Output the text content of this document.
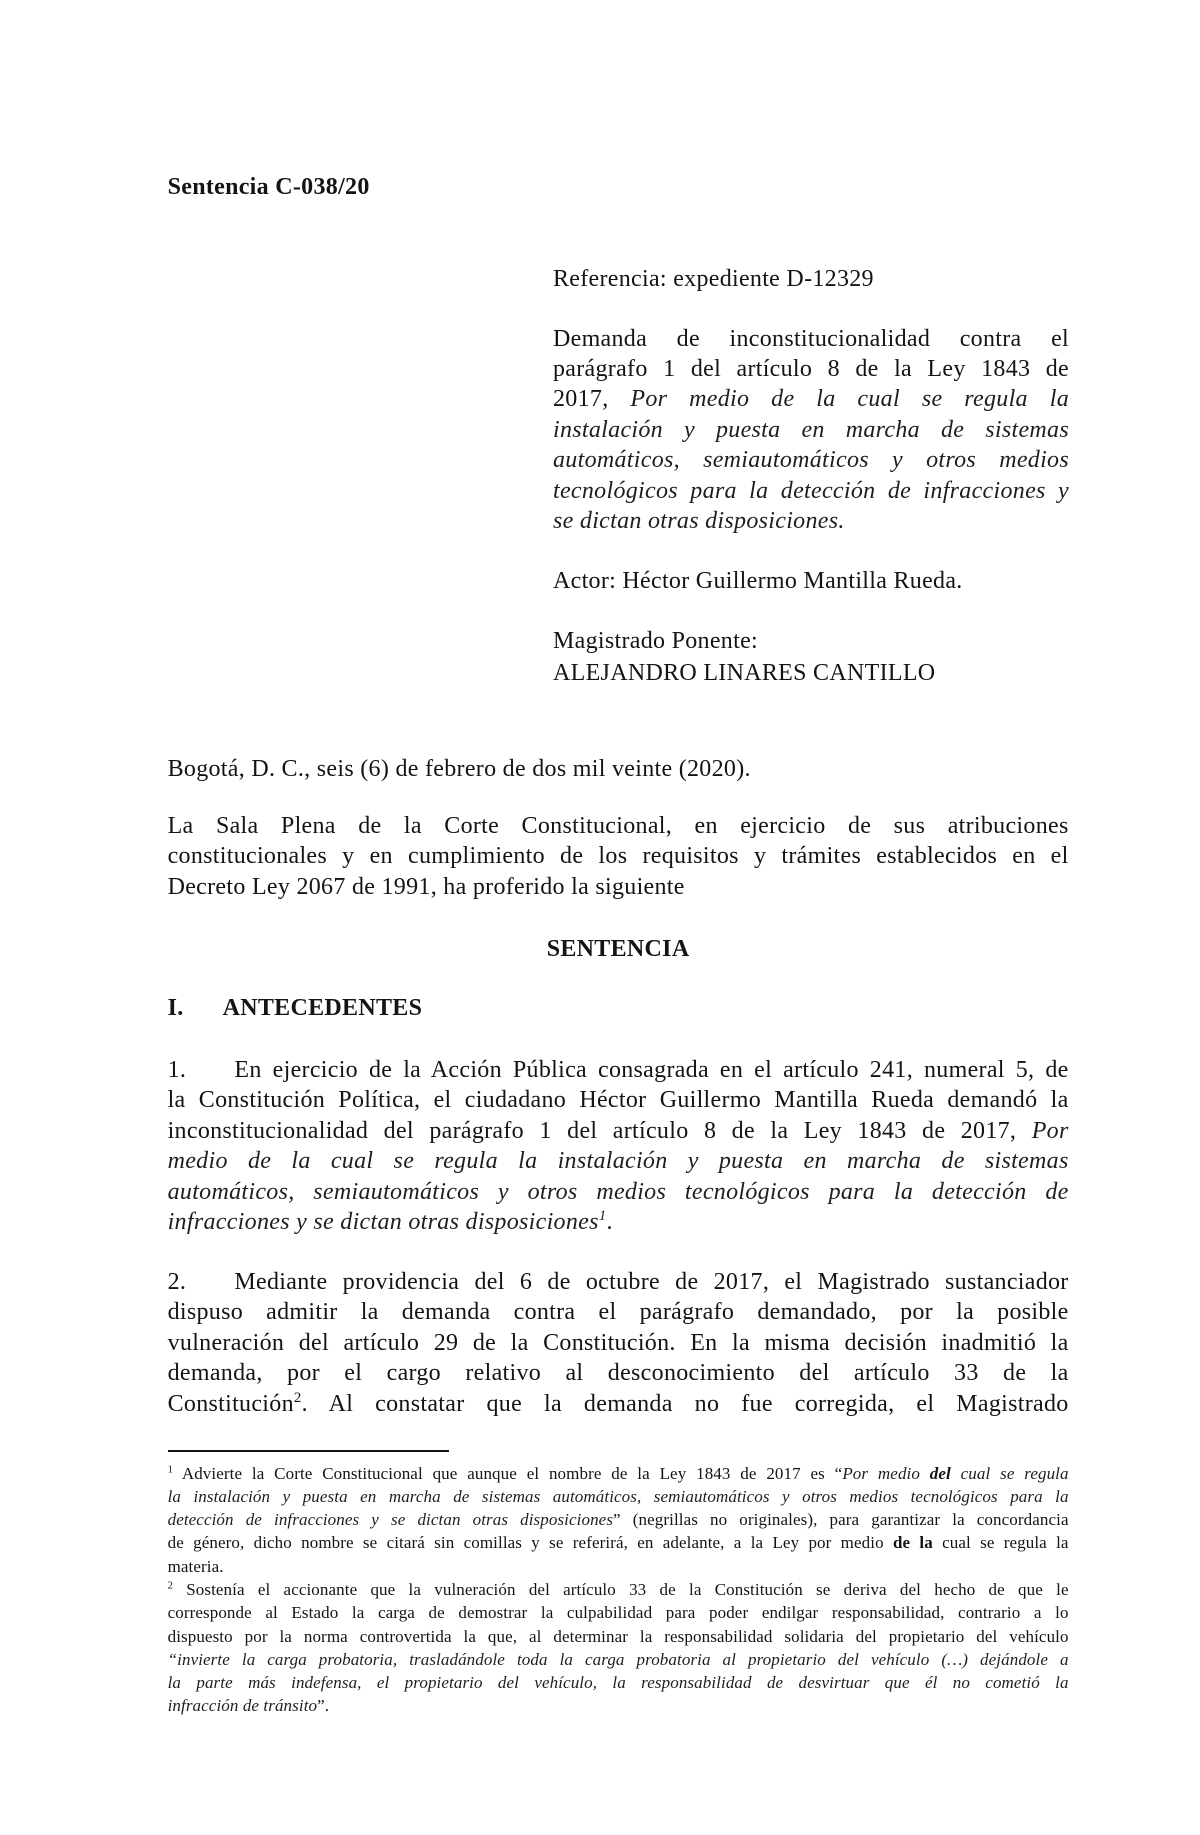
Sentencia C-038/20
Referencia: expediente D-12329
Demanda de inconstitucionalidad contra el
parágrafo 1 del artículo 8 de la Ley 1843 de
2017, Por medio de la cual se regula la
instalación y puesta en marcha de sistemas
automáticos, semiautomáticos y otros medios
tecnológicos para la detección de infracciones y
se dictan otras disposiciones.
Actor: Héctor Guillermo Mantilla Rueda.
Magistrado Ponente:
ALEJANDRO LINARES CANTILLO
Bogotá, D. C., seis (6) de febrero de dos mil veinte (2020).
La Sala Plena de la Corte Constitucional, en ejercicio de sus atribuciones
constitucionales y en cumplimiento de los requisitos y trámites establecidos en el
Decreto Ley 2067 de 1991, ha proferido la siguiente
SENTENCIA
I.	ANTECEDENTES
1.	En ejercicio de la Acción Pública consagrada en el artículo 241, numeral 5, de
la Constitución Política, el ciudadano Héctor Guillermo Mantilla Rueda demandó la
inconstitucionalidad del parágrafo 1 del artículo 8 de la Ley 1843 de 2017, Por
medio de la cual se regula la instalación y puesta en marcha de sistemas
automáticos, semiautomáticos y otros medios tecnológicos para la detección de
infracciones y se dictan otras disposiciones$^1$.
2.	Mediante providencia del 6 de octubre de 2017, el Magistrado sustanciador
dispuso admitir la demanda contra el parágrafo demandado, por la posible
vulneración del artículo 29 de la Constitución. En la misma decisión inadmitió la
demanda, por el cargo relativo al desconocimiento del artículo 33 de la
Constitución$^2$. Al constatar que la demanda no fue corregida, el Magistrado
$^1$ Advierte la Corte Constitucional que aunque el nombre de la Ley 1843 de 2017 es “Por medio del cual se regula
la instalación y puesta en marcha de sistemas automáticos, semiautomáticos y otros medios tecnológicos para la
detección de infracciones y se dictan otras disposiciones” (negrillas no originales), para garantizar la concordancia
de género, dicho nombre se citará sin comillas y se referirá, en adelante, a la Ley por medio de la cual se regula la
materia.
$^2$ Sostenía el accionante que la vulneración del artículo 33 de la Constitución se deriva del hecho de que le
corresponde al Estado la carga de demostrar la culpabilidad para poder endilgar responsabilidad, contrario a lo
dispuesto por la norma controvertida la que, al determinar la responsabilidad solidaria del propietario del vehículo
“invierte la carga probatoria, trasladándole toda la carga probatoria al propietario del vehículo (…) dejándole a
la parte más indefensa, el propietario del vehículo, la responsabilidad de desvirtuar que él no cometió la
infracción de tránsito”.
